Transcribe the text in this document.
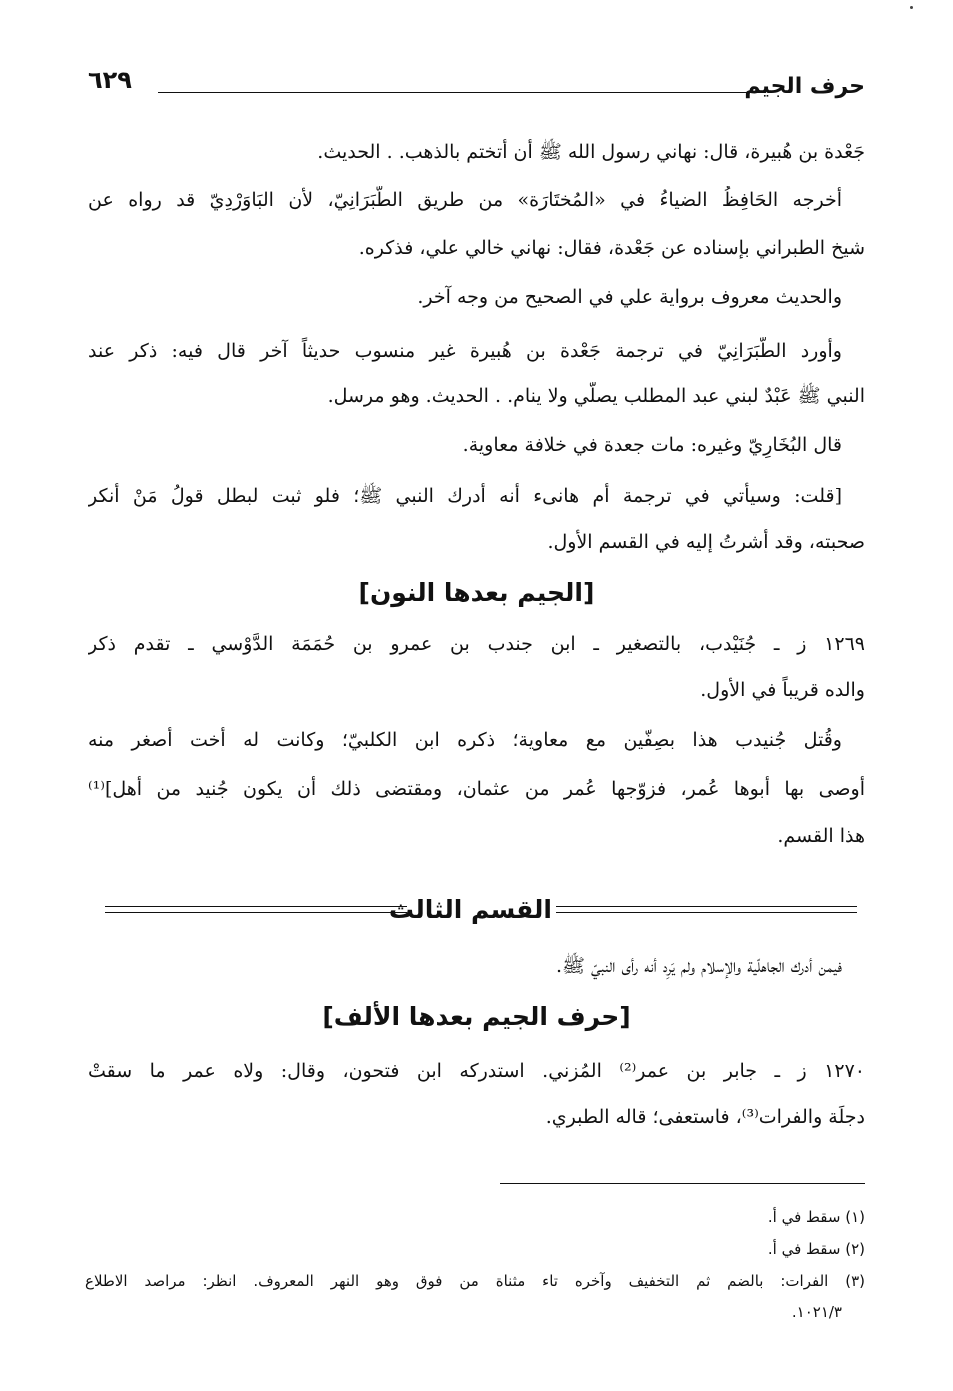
حرف الجيم
٦٢٩
جَعْدة بن هُبيرة، قال: نهاني رسول الله ﷺ أن أتختم بالذهب. . الحديث.
أخرجه الحَافِظُ الضياءُ في «المُختَارَة» من طريق الطَّبَرَانِيّ، لأن البَاوَرْدِيّ قد رواه عن
شيخ الطبراني بإسناده عن جَعْدة، فقال: نهاني خالي علي، فذكره.
والحديث معروف برواية علي في الصحيح من وجه آخر.
وأورد الطَّبَرَانِيّ في ترجمة جَعْدة بن هُبيرة غير منسوب حديثاً آخر قال فيه: ذكر عند
النبي ﷺ عَبْدٌ لبني عبد المطلب يصلّي ولا ينام. . الحديث. وهو مرسل.
قال البُخَارِيّ وغيره: مات جعدة في خلافة معاوية.
[قلت: وسيأتي في ترجمة أم هانىء أنه أدرك النبي ﷺ؛ فلو ثبت لبطل قولُ مَنْ أنكر
صحبته، وقد أشرتُ إليه في القسم الأول.
[الجيم بعدها النون]
١٢٦٩ ز ـ جُنَيْدب، بالتصغير ـ ابن جندب بن عمرو بن حُمَمَة الدَّوْسي ـ تقدم ذكر
والده قريباً في الأول.
وقُتل جُنيدب هذا بصِفّين مع معاوية؛ ذكره ابن الكلبيّ؛ وكانت له أخت أصغر منه
أوصى بها أبوها عُمر، فزوّجها عُمر من عثمان، ومقتضى ذلك أن يكون جُنيد من أهل]⁽¹⁾
هذا القسم.
القسم الثالث
فيمن أدرك الجاهلّية والإسلام ولم يَرِد أنه رأى النبيّ ﷺ.
[حرف الجيم بعدها الألف]
١٢٧٠ ز ـ جابر بن عمر⁽²⁾ المُزني. استدركه ابن فتحون، وقال: ولاه عمر ما سقتْ
دجلَة والفرات⁽³⁾، فاستعفى؛ قاله الطبري.
(١) سقط في أ.
(٢) سقط في أ.
(٣) الفرات: بالضم ثم التخفيف وآخره تاء مثناة من فوق وهو النهر المعروف. انظر: مراصد الاطلاع
١٠٢١/٣.
